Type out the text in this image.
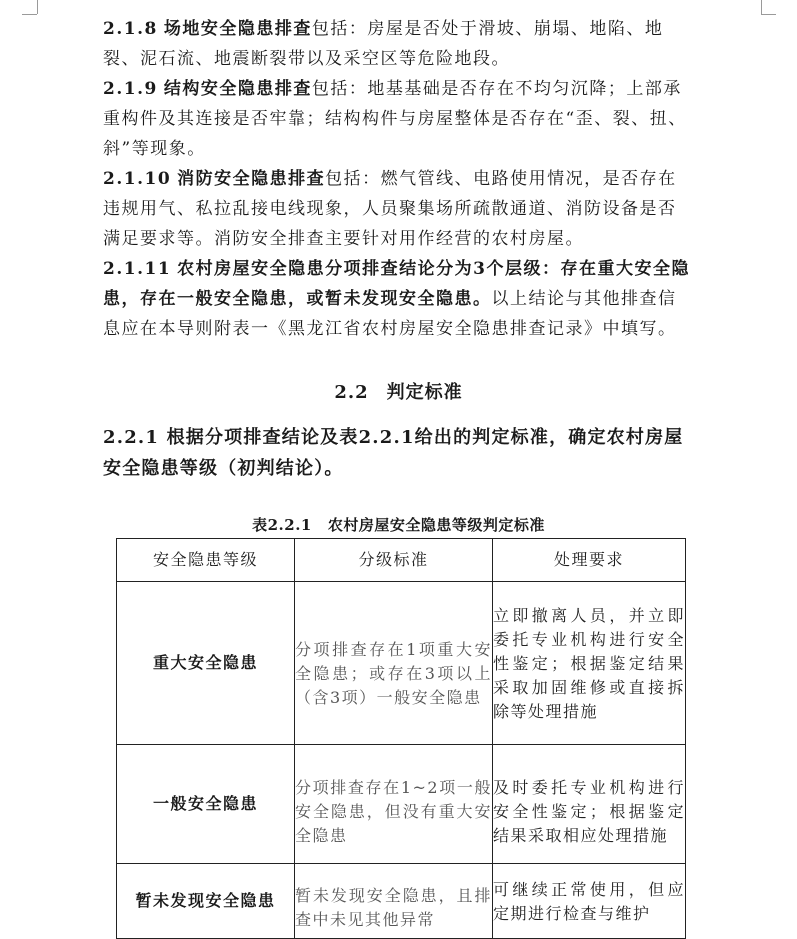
2.1.8 场地安全隐患排查包括：房屋是否处于滑坡、崩塌、地陷、地裂、泥石流、地震断裂带以及采空区等危险地段。

2.1.9 结构安全隐患排查包括：地基基础是否存在不均匀沉降；上部承重构件及其连接是否牢靠；结构构件与房屋整体是否存在“歪、裂、扭、斜”等现象。

2.1.10 消防安全隐患排查包括：燃气管线、电路使用情况，是否存在违规用气、私拉乱接电线现象，人员聚集场所疏散通道、消防设备是否满足要求等。消防安全排查主要针对用作经营的农村房屋。

2.1.11 农村房屋安全隐患分项排查结论分为3个层级：存在重大安全隐患，存在一般安全隐患，或暂未发现安全隐患。以上结论与其他排查信息应在本导则附表一《黑龙江省农村房屋安全隐患排查记录》中填写。

2.2 判定标准

2.2.1 根据分项排查结论及表2.2.1给出的判定标准，确定农村房屋安全隐患等级（初判结论）。

表2.2.1 农村房屋安全隐患等级判定标准
安全隐患等级	分级标准	处理要求
重大安全隐患	分项排查存在1项重大安全隐患；或存在3项以上（含3项）一般安全隐患	立即撤离人员，并立即委托专业机构进行安全性鉴定；根据鉴定结果采取加固维修或直接拆除等处理措施
一般安全隐患	分项排查存在1~2项一般安全隐患，但没有重大安全隐患	及时委托专业机构进行安全性鉴定；根据鉴定结果采取相应处理措施
暂未发现安全隐患	暂未发现安全隐患，且排查中未见其他异常	可继续正常使用，但应定期进行检查与维护
